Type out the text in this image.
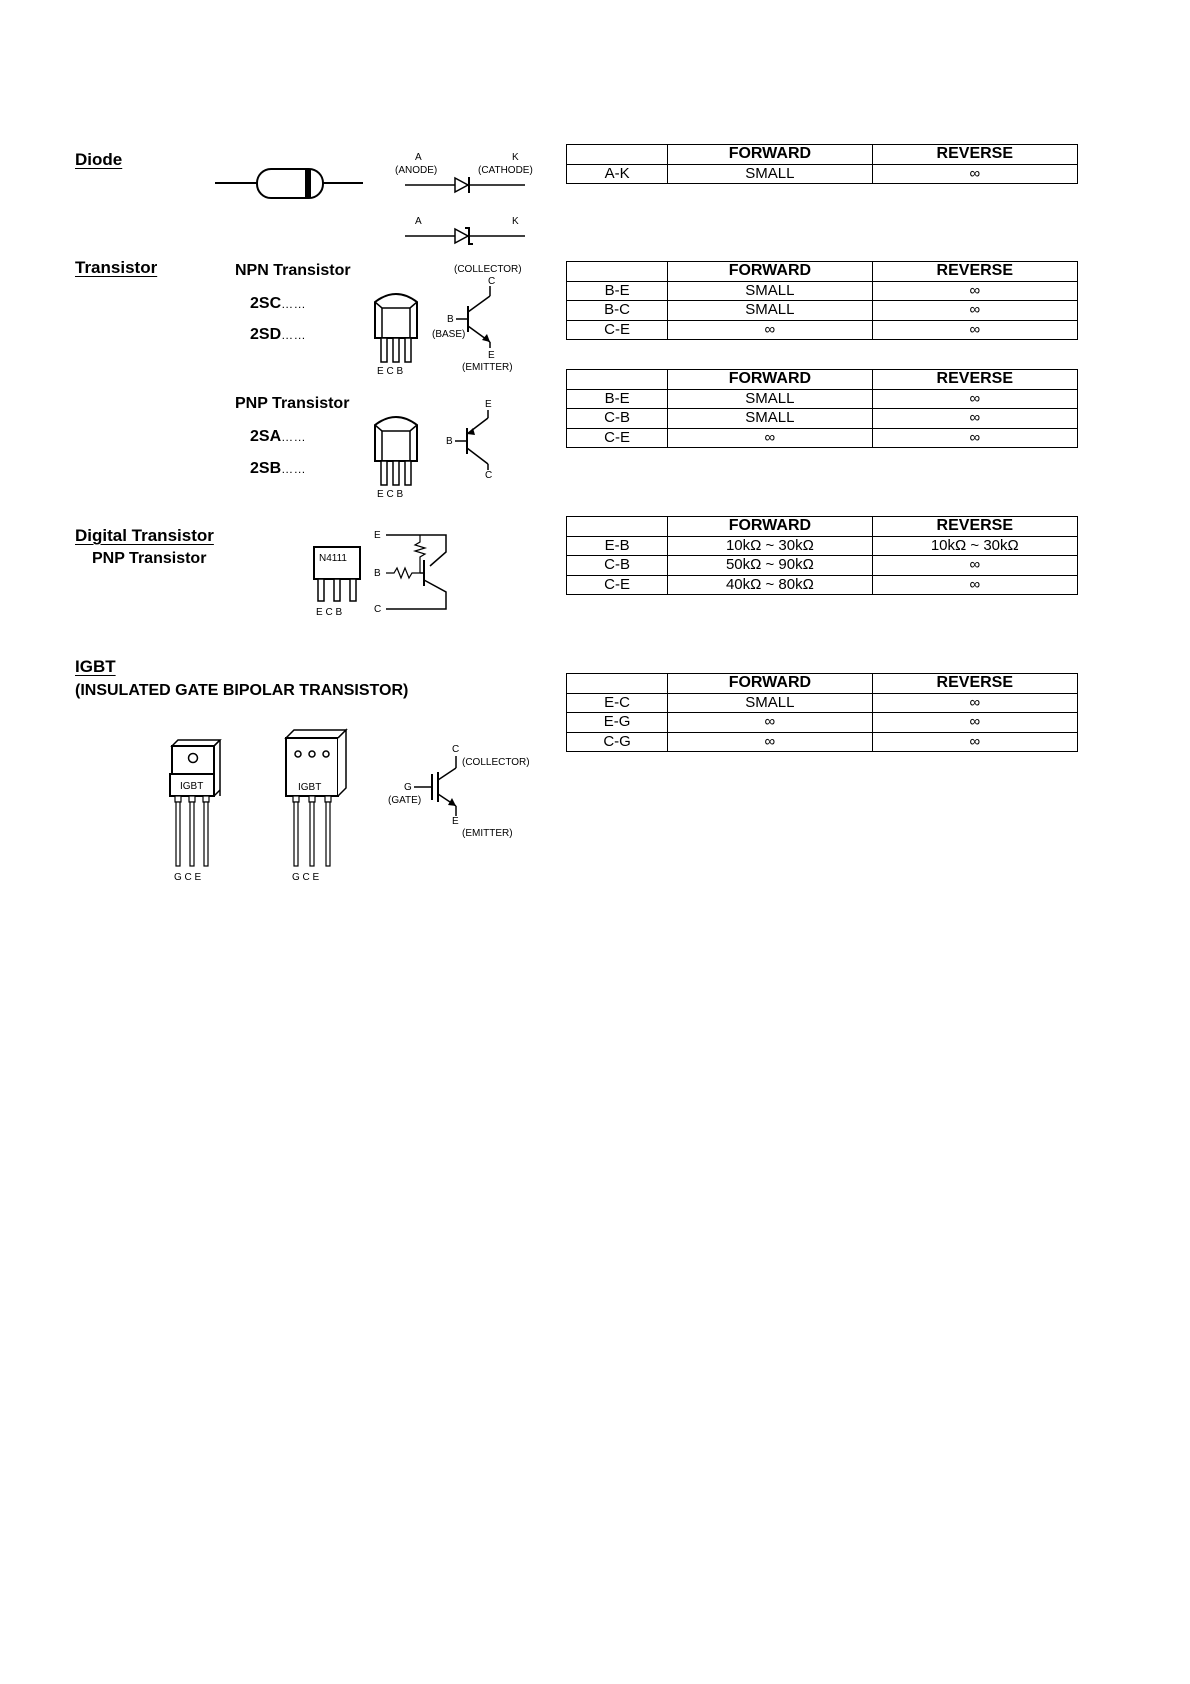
Diode
Transistor	NPN Transistor
2SC……
2SD……
PNP Transistor
2SA……
2SB……
Digital Transistor
PNP Transistor
IGBT
(INSULATED GATE BIPOLAR TRANSISTOR)
A
(ANODE)
K
(CATHODE)
A	K
E C B
(COLLECTOR)
C
B
(BASE)
E
(EMITTER)
E C B
E
B
C
N4111
E C B
E
B
C
IGBT
G C E
IGBT
G C E
C
(COLLECTOR)
G
(GATE)
E
(EMITTER)
	FORWARD	REVERSE
A-K	SMALL	∞
	FORWARD	REVERSE
B-E	SMALL	∞
B-C	SMALL	∞
C-E	∞	∞
	FORWARD	REVERSE
B-E	SMALL	∞
C-B	SMALL	∞
C-E	∞	∞
	FORWARD	REVERSE
E-B	10kΩ ~ 30kΩ	10kΩ ~ 30kΩ
C-B	50kΩ ~ 90kΩ	∞
C-E	40kΩ ~ 80kΩ	∞
	FORWARD	REVERSE
E-C	SMALL	∞
E-G	∞	∞
C-G	∞	∞
